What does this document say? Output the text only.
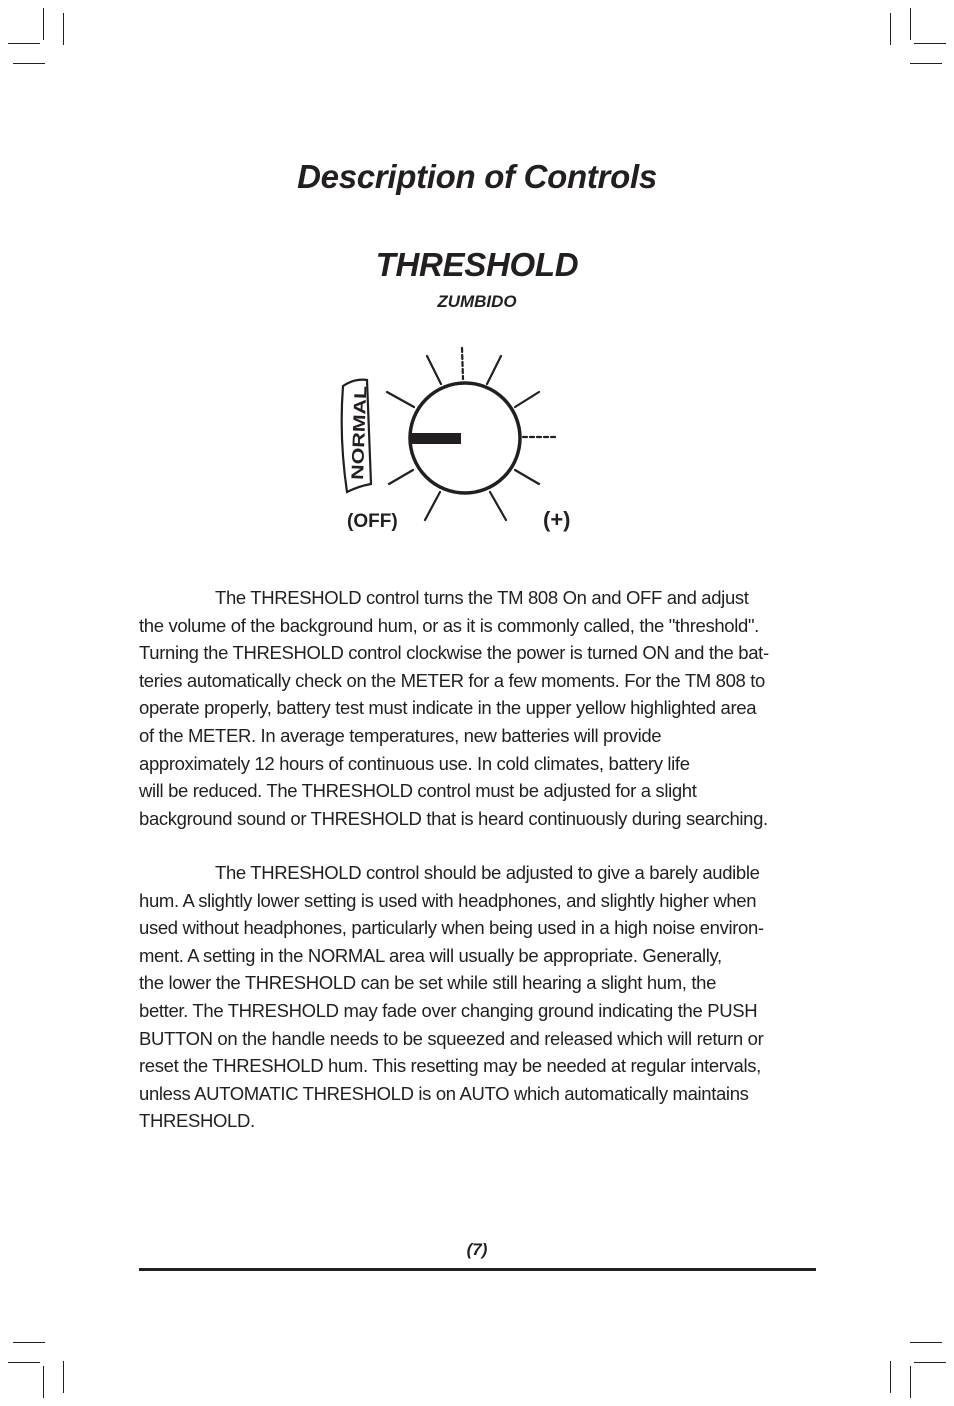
Description of Controls
THRESHOLD
ZUMBIDO
NORMAL
(OFF)	(+)
The THRESHOLD control turns the TM 808 On and OFF and adjust
the volume of the background hum, or as it is commonly called, the "threshold".
Turning the THRESHOLD control clockwise the power is turned ON and the bat-
teries automatically check on the METER for a few moments. For the TM 808 to
operate properly, battery test must indicate in the upper yellow highlighted area
of the METER. In average temperatures, new batteries will provide
approximately 12 hours of continuous use. In cold climates, battery life
will be reduced. The THRESHOLD control must be adjusted for a slight
background sound or THRESHOLD that is heard continuously during searching.
The THRESHOLD control should be adjusted to give a barely audible
hum. A slightly lower setting is used with headphones, and slightly higher when
used without headphones, particularly when being used in a high noise environ-
ment. A setting in the NORMAL area will usually be appropriate. Generally,
the lower the THRESHOLD can be set while still hearing a slight hum, the
better. The THRESHOLD may fade over changing ground indicating the PUSH
BUTTON on the handle needs to be squeezed and released which will return or
reset the THRESHOLD hum. This resetting may be needed at regular intervals,
unless AUTOMATIC THRESHOLD is on AUTO which automatically maintains
THRESHOLD.
(7)
